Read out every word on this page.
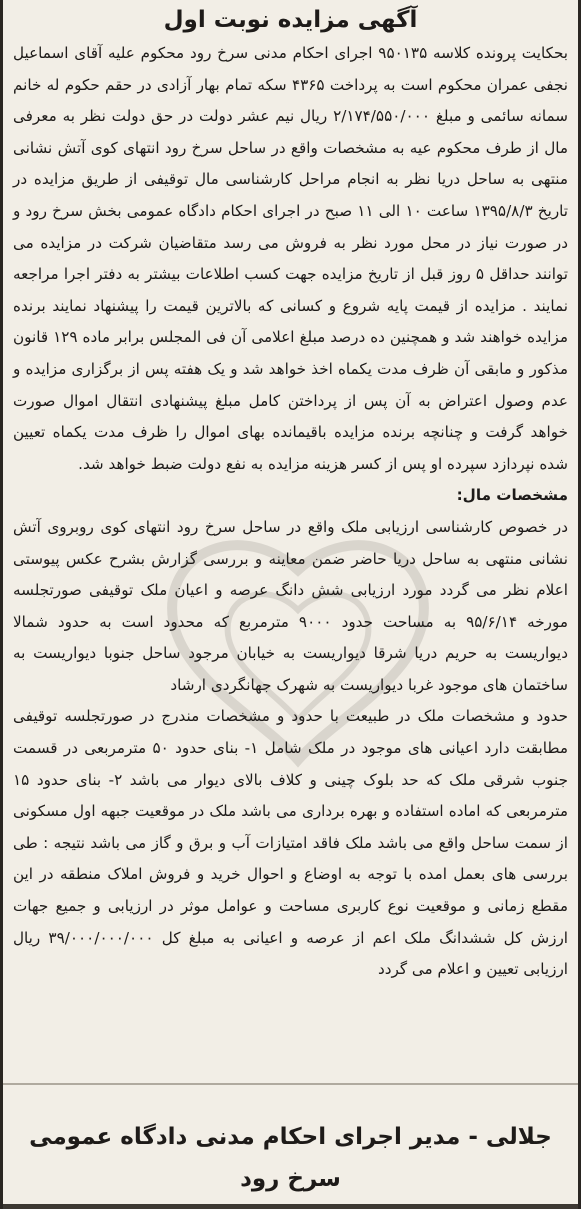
آگهی مزایده نوبت اول

بحکایت پرونده کلاسه ۹۵۰۱۳۵ اجرای احکام مدنی سرخ رود محکوم علیه آقای اسماعیل نجفی عمران محکوم است به پرداخت ۴۳۶۵ سکه تمام بهار آزادی در حقم حکوم له خانم سمانه سائمی و مبلغ ۲/۱۷۴/۵۵۰/۰۰۰ ریال نیم عشر دولت در حق دولت نظر به معرفی مال از طرف محکوم عیه به مشخصات واقع در ساحل سرخ رود انتهای کوی آتش نشانی منتهی به ساحل دریا نظر به انجام مراحل کارشناسی مال توقیفی از طریق مزایده در تاریخ ۱۳۹۵/۸/۳ ساعت ۱۰ الی ۱۱ صبح در اجرای احکام دادگاه عمومی بخش سرخ رود و در صورت نیاز در محل مورد نظر به فروش می رسد متقاضیان شرکت در مزایده می توانند حداقل ۵ روز قبل از تاریخ مزایده جهت کسب اطلاعات بیشتر به دفتر اجرا مراجعه نمایند . مزایده از قیمت پایه شروع و کسانی که بالاترین قیمت را پیشنهاد نمایند برنده مزایده خواهند شد و همچنین ده درصد مبلغ اعلامی آن فی المجلس برابر ماده ۱۲۹ قانون مذکور و مابقی آن ظرف مدت یکماه اخذ خواهد شد و یک هفته پس از برگزاری مزایده و عدم وصول اعتراض به آن پس از پرداختن کامل مبلغ پیشنهادی انتقال اموال صورت خواهد گرفت و چنانچه برنده مزایده باقیمانده بهای اموال را ظرف مدت یکماه تعیین شده نپردازد سپرده او پس از کسر هزینه مزایده به نفع دولت ضبط خواهد شد.

مشخصات مال:

در خصوص کارشناسی ارزیابی ملک واقع در ساحل سرخ رود انتهای کوی روبروی آتش نشانی منتهی به ساحل دریا حاضر ضمن معاینه و بررسی گزارش بشرح عکس پیوستی اعلام نظر می گردد مورد ارزیابی شش دانگ عرصه و اعیان ملک توقیفی صورتجلسه مورخه ۹۵/۶/۱۴ به مساحت حدود ۹۰۰۰ مترمربع که محدود است به حدود شمالا دیواریست به حریم دریا شرقا دیواریست به خیابان مرجود ساحل جنوبا دیواریست به ساختمان های موجود غربا دیواریست به شهرک جهانگردی ارشاد

حدود و مشخصات ملک در طبیعت با حدود و مشخصات مندرج در صورتجلسه توقیفی مطابقت دارد اعیانی های موجود در ملک شامل ۱- بنای حدود ۵۰ مترمربعی در قسمت جنوب شرقی ملک که حد بلوک چینی و کلاف بالای دیوار می باشد ۲- بنای حدود ۱۵ مترمربعی که اماده استفاده و بهره برداری می باشد ملک در موقعیت جبهه اول مسکونی از سمت ساحل واقع می باشد ملک فاقد امتیازات آب و برق و گاز می باشد نتیجه : طی بررسی های بعمل امده با توجه به اوضاع و احوال خرید و فروش املاک منطقه در این مقطع زمانی و موقعیت نوع کاربری مساحت و عوامل موثر در ارزیابی و جمیع جهات ارزش کل ششدانگ ملک اعم از عرصه و اعیانی به مبلغ کل ۳۹/۰۰۰/۰۰۰/۰۰۰ ریال ارزیابی تعیین و اعلام می گردد

جلالی - مدیر اجرای احکام مدنی دادگاه عمومی سرخ رود
